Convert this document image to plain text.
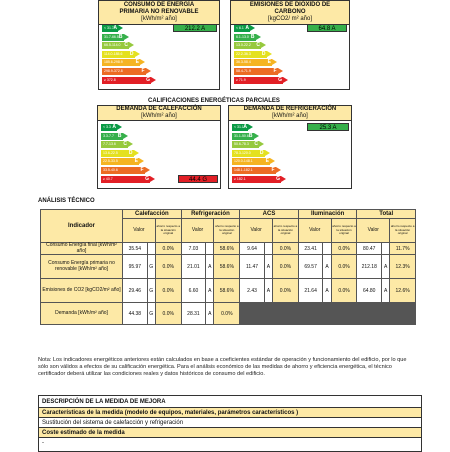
CONSUMO DE ENERGÍA
PRIMARIA NO RENOVABLE
[kWh/m² año]
< 31.7 A
31.7-66.5 B
66.5-114.0 C
114.0-185.6 D
185.6-298.9	E
298.9-372.8	F
≥ 372.8	G
212.2 A
EMISIONES DE DIÓXIDO DE
CARBONO
[kgCO2/ m² año]
< 6.1 A
6.1-13.0 B
13.0-22.2 C
22.2-36.3 D
36.3-58.4	E
58.4-71.9	F
≥ 71.9	G
64.8 A
CALIFICACIONES ENERGÉTICAS PARCIALES
DEMANDA DE CALEFACCIÓN
[kWh/m² año]
< 3.3 A
3.3-7.7 B
7.7-13.6 C
13.6-22.5 D
22.5-33.5	E
33.5-40.6	F
≥ 40.7	G	44.4 G
DEMANDA DE REFRIGERACIÓN
[kWh/m² año]
< 31.1 A
31.1-50.6 B
50.6-78.3 C
78.3-120.0 D
120.0-148.1	E
148.1-182.1	F
≥ 182.1	G
25.3 A
ANÁLISIS TÉCNICO
Indicador	Calefacción			Refrigeración			ACS			Iluminación			Total		
	Valor		ahorro respecto a la situación original	Valor		ahorro respecto a la situación original	Valor		ahorro respecto a la situación original	Valor		ahorro respecto a la situación original	Valor		ahorro respecto a la situación original
Consumo Energía final [kWh/m² año]	35.54		0.0%	7.03		58.6%	9.64		0.0%	23.41		0.0%	80.47		11.7%
Consumo Energía primaria no renovable [kWh/m² año]	95.97	G	0.0%	21.01	A	58.6%	11.47	A	0.0%	69.57	A	0.0%	212.18	A	12.3%
Emisiones de CO2 [kgCO2/m² año]	29.46	G	0.0%	6.60	A	58.6%	2.43	A	0.0%	21.64	A	0.0%	64.80	A	12.6%
Demanda [kWh/m² año]	44.38	G	0.0%	28.31	A	0.0%									
Nota: Los indicadores energéticos anteriores están calculados en base a coeficientes estándar de operación y funcionamiento del edificio, por lo que sólo son válidos a efectos de su calificación energética. Para el análisis económico de las medidas de ahorro y eficiencia energética, el técnico certificador deberá utilizar las condiciones reales y datos históricos de consumo del edificio.
DESCRIPCIÓN DE LA MEDIDA DE MEJORA
Características de la medida (modelo de equipos, materiales, parámetros característicos )
Sustitución del sistema de calefacción y refrigeración
Coste estimado de la medida
-
